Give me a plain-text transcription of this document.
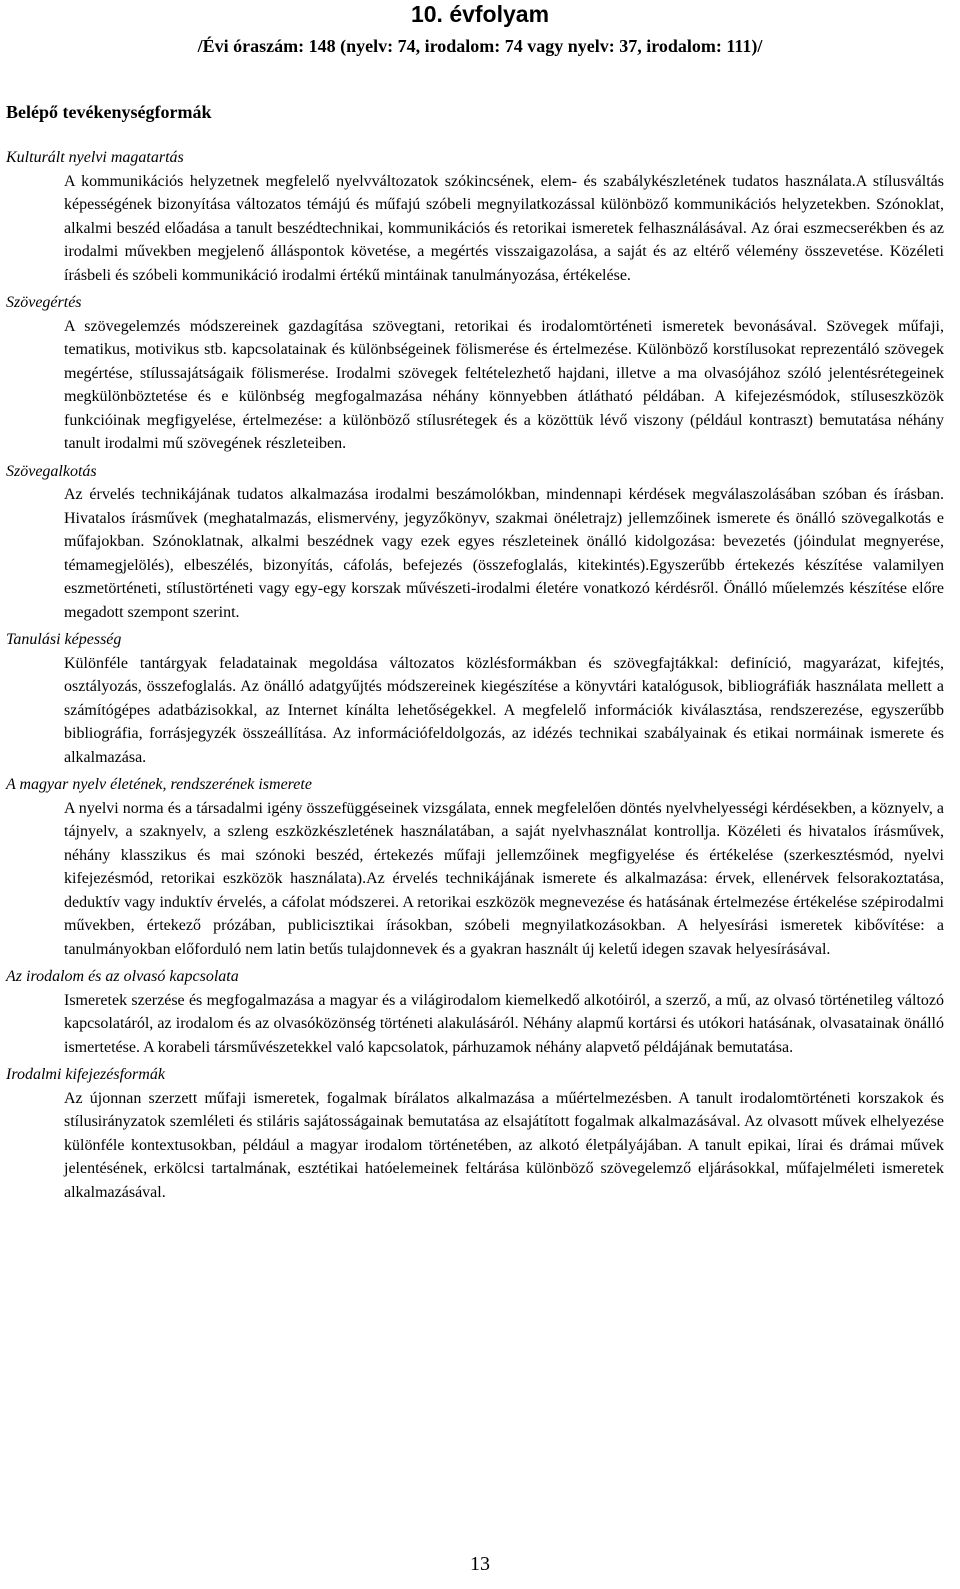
10. évfolyam
/Évi óraszám: 148 (nyelv: 74, irodalom: 74 vagy nyelv: 37, irodalom: 111)/
Belépő tevékenységformák
Kulturált nyelvi magatartás
A kommunikációs helyzetnek megfelelő nyelvváltozatok szókincsének, elem- és szabálykészletének tudatos használata.A stílusváltás képességének bizonyítása változatos témájú és műfajú szóbeli megnyilatkozással különböző kommunikációs helyzetekben. Szónoklat, alkalmi beszéd előadása a tanult beszédtechnikai, kommunikációs és retorikai ismeretek felhasználásával. Az órai eszmecserékben és az irodalmi művekben megjelenő álláspontok követése, a megértés visszaigazolása, a saját és az eltérő vélemény összevetése. Közéleti írásbeli és szóbeli kommunikáció irodalmi értékű mintáinak tanulmányozása, értékelése.
Szövegértés
A szövegelemzés módszereinek gazdagítása szövegtani, retorikai és irodalomtörténeti ismeretek bevonásával. Szövegek műfaji, tematikus, motivikus stb. kapcsolatainak és különbségeinek fölismerése és értelmezése. Különböző korstílusokat reprezentáló szövegek megértése, stílussajátságaik fölismerése. Irodalmi szövegek feltételezhető hajdani, illetve a ma olvasójához szóló jelentésrétegeinek megkülönböztetése és e különbség megfogalmazása néhány könnyebben átlátható példában. A kifejezésmódok, stíluseszközök funkcióinak megfigyelése, értelmezése: a különböző stílusrétegek és a közöttük lévő viszony (például kontraszt) bemutatása néhány tanult irodalmi mű szövegének részleteiben.
Szövegalkotás
Az érvelés technikájának tudatos alkalmazása irodalmi beszámolókban, mindennapi kérdések megválaszolásában szóban és írásban. Hivatalos írásművek (meghatalmazás, elismervény, jegyzőkönyv, szakmai önéletrajz) jellemzőinek ismerete és önálló szövegalkotás e műfajokban. Szónoklatnak, alkalmi beszédnek vagy ezek egyes részleteinek önálló kidolgozása: bevezetés (jóindulat megnyerése, témamegjelölés), elbeszélés, bizonyítás, cáfolás, befejezés (összefoglalás, kitekintés).Egyszerűbb értekezés készítése valamilyen eszmetörténeti, stílustörténeti vagy egy-egy korszak művészeti-irodalmi életére vonatkozó kérdésről. Önálló műelemzés készítése előre megadott szempont szerint.
Tanulási képesség
Különféle tantárgyak feladatainak megoldása változatos közlésformákban és szövegfajtákkal: definíció, magyarázat, kifejtés, osztályozás, összefoglalás. Az önálló adatgyűjtés módszereinek kiegészítése a könyvtári katalógusok, bibliográfiák használata mellett a számítógépes adatbázisokkal, az Internet kínálta lehetőségekkel. A megfelelő információk kiválasztása, rendszerezése, egyszerűbb bibliográfia, forrásjegyzék összeállítása. Az információfeldolgozás, az idézés technikai szabályainak és etikai normáinak ismerete és alkalmazása.
A magyar nyelv életének, rendszerének ismerete
A nyelvi norma és a társadalmi igény összefüggéseinek vizsgálata, ennek megfelelően döntés nyelvhelyességi kérdésekben, a köznyelv, a tájnyelv, a szaknyelv, a szleng eszközkészletének használatában, a saját nyelvhasználat kontrollja. Közéleti és hivatalos írásművek, néhány klasszikus és mai szónoki beszéd, értekezés műfaji jellemzőinek megfigyelése és értékelése (szerkesztésmód, nyelvi kifejezésmód, retorikai eszközök használata).Az érvelés technikájának ismerete és alkalmazása: érvek, ellenérvek felsorakoztatása, deduktív vagy induktív érvelés, a cáfolat módszerei. A retorikai eszközök megnevezése és hatásának értelmezése értékelése szépirodalmi művekben, értekező prózában, publicisztikai írásokban, szóbeli megnyilatkozásokban. A helyesírási ismeretek kibővítése: a tanulmányokban előforduló nem latin betűs tulajdonnevek és a gyakran használt új keletű idegen szavak helyesírásával.
Az irodalom és az olvasó kapcsolata
Ismeretek szerzése és megfogalmazása a magyar és a világirodalom kiemelkedő alkotóiról, a szerző, a mű, az olvasó történetileg változó kapcsolatáról, az irodalom és az olvasóközönség történeti alakulásáról. Néhány alapmű kortársi és utókori hatásának, olvasatainak önálló ismertetése. A korabeli társművészetekkel való kapcsolatok, párhuzamok néhány alapvető példájának bemutatása.
Irodalmi kifejezésformák
Az újonnan szerzett műfaji ismeretek, fogalmak bírálatos alkalmazása a műértelmezésben. A tanult irodalomtörténeti korszakok és stílusirányzatok szemléleti és stiláris sajátosságainak bemutatása az elsajátított fogalmak alkalmazásával. Az olvasott művek elhelyezése különféle kontextusokban, például a magyar irodalom történetében, az alkotó életpályájában. A tanult epikai, lírai és drámai művek jelentésének, erkölcsi tartalmának, esztétikai hatóelemeinek feltárása különböző szövegelemző eljárásokkal, műfajelméleti ismeretek alkalmazásával.
13
